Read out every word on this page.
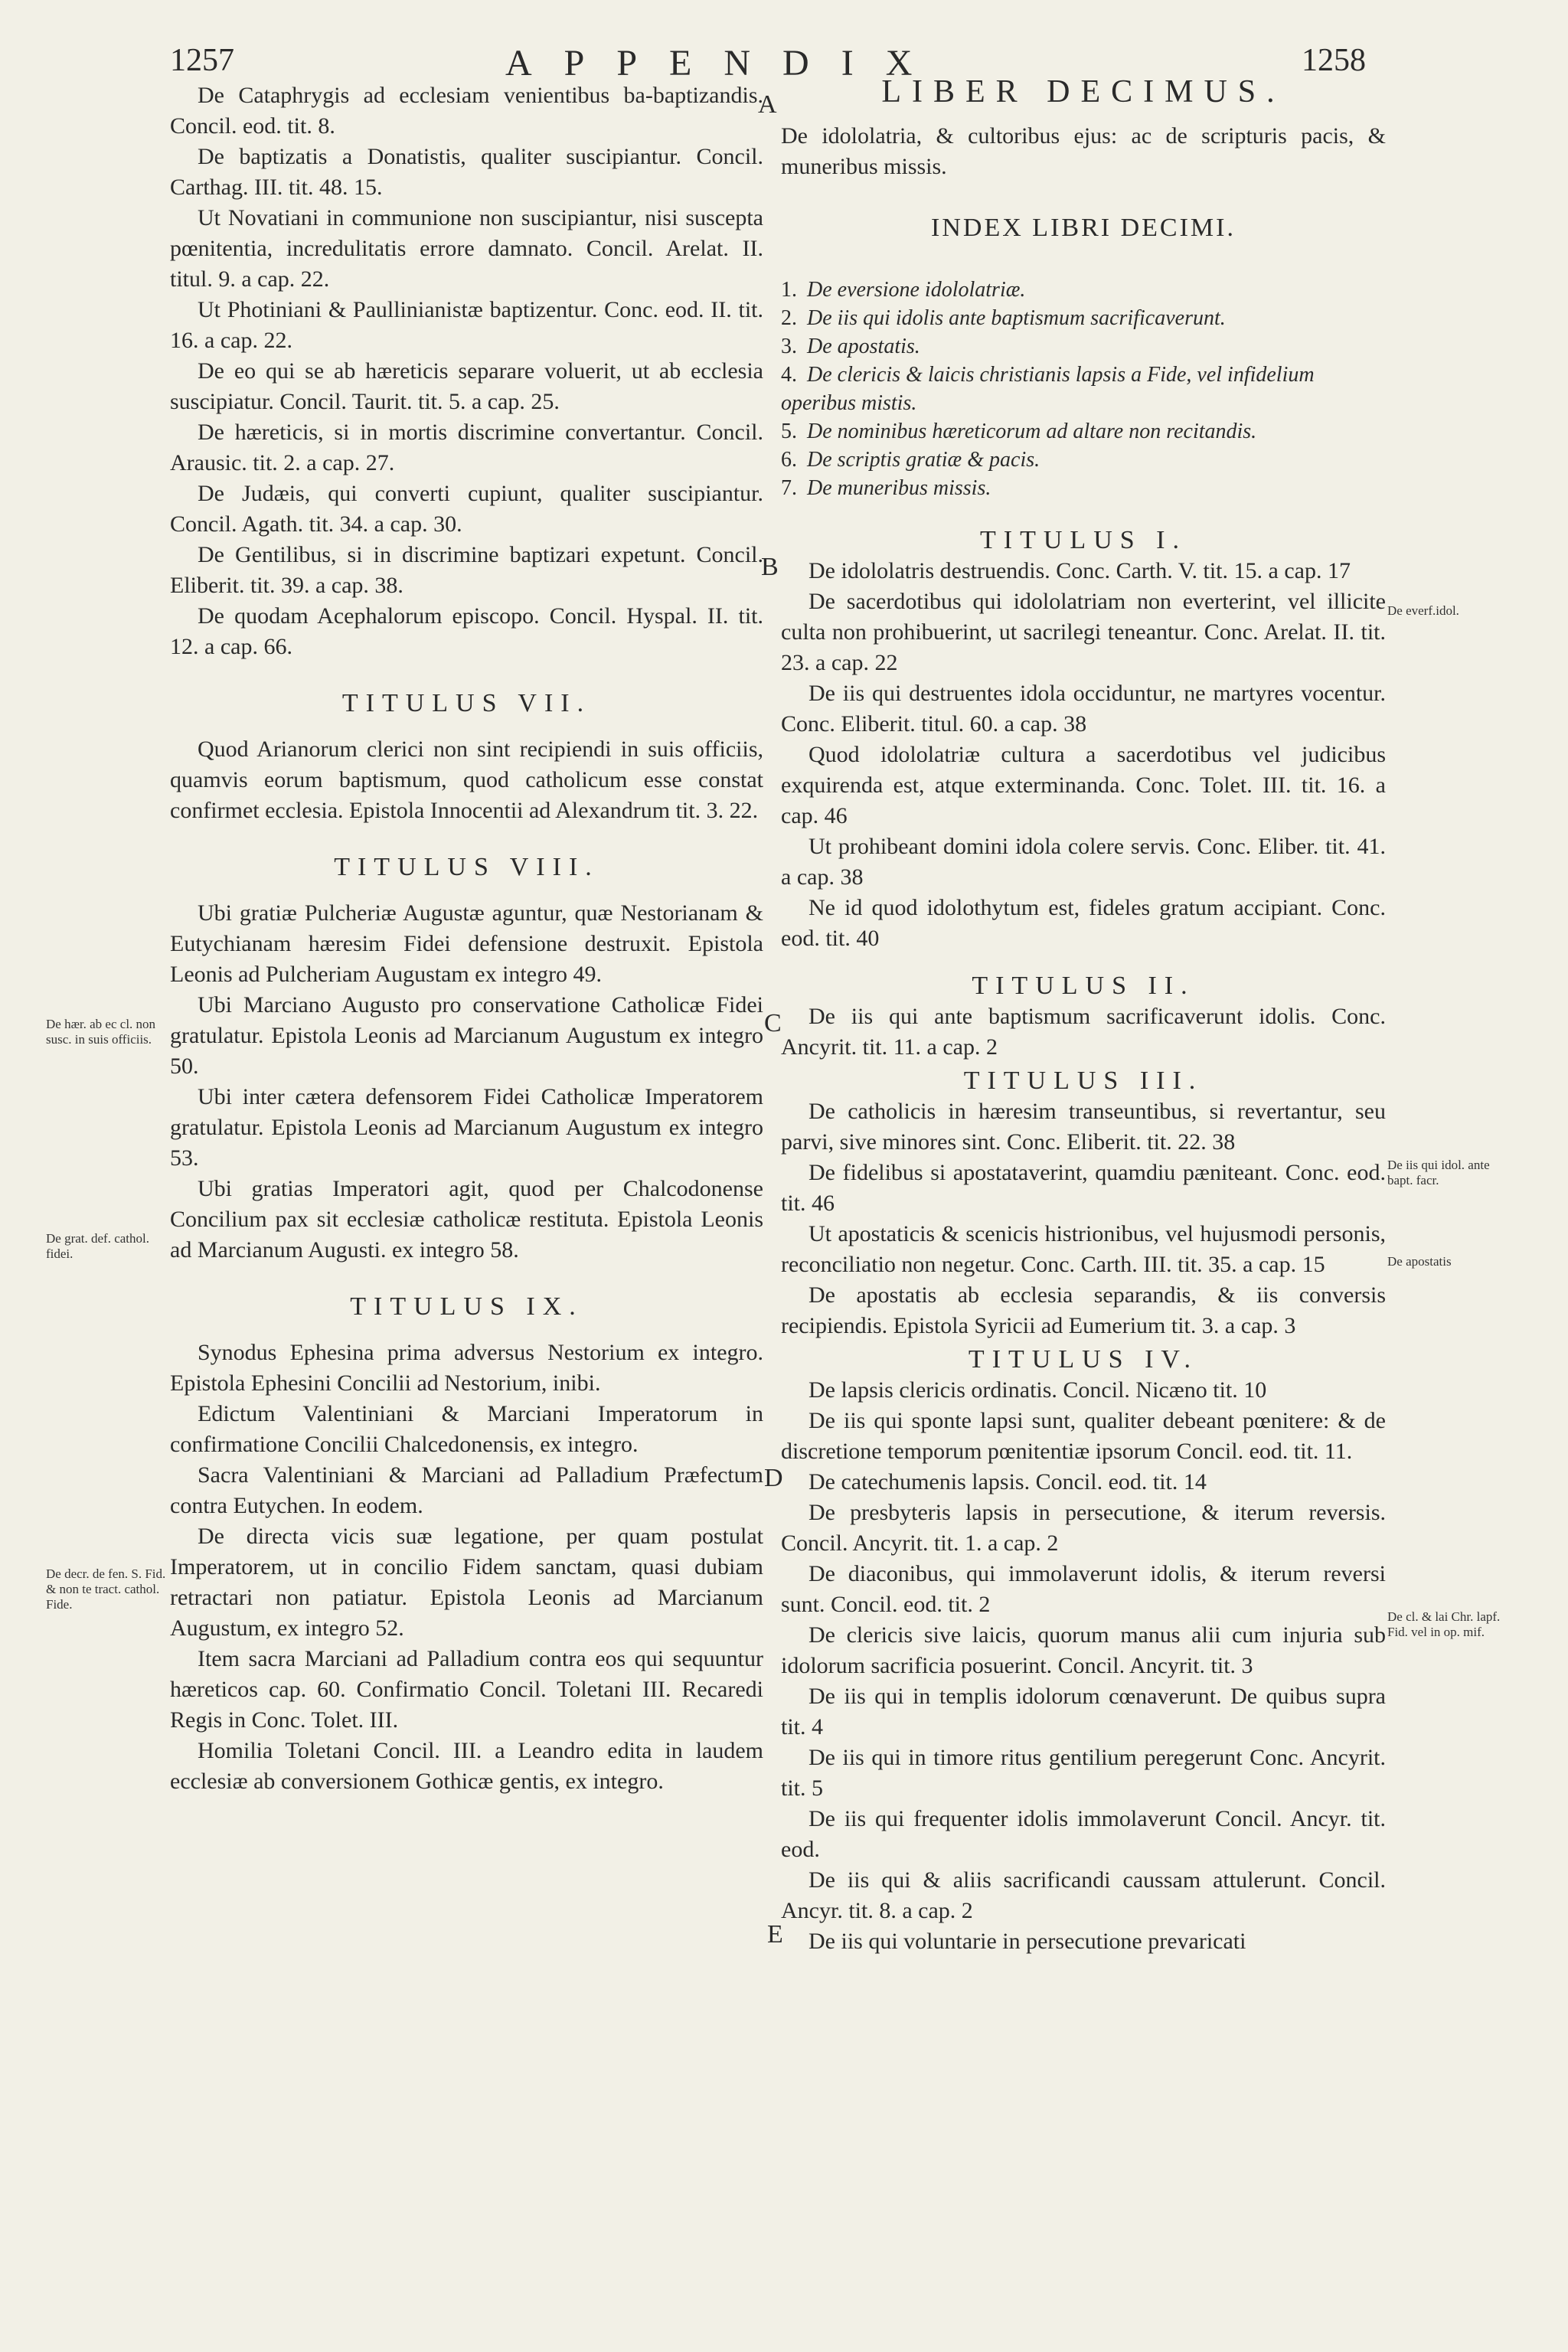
1257	APPENDIX	1258
A
B
C
D
E
De hær. ab ec cl. non susc. in suis officiis.
De grat. def. cathol. fidei.
De decr. de fen. S. Fid. & non te tract. cathol. Fide.
De everf.idol.
De iis qui idol. ante bapt. facr.
De apostatis
De cl. & lai Chr. lapf. Fid. vel in op. mif.

De Cataphrygis ad ecclesiam venientibus ba-baptizandis. Concil. eod. tit. 8.

De baptizatis a Donatistis, qualiter suscipiantur. Concil. Carthag. III. tit. 48. 15.

Ut Novatiani in communione non suscipiantur, nisi suscepta pœnitentia, incredulitatis errore damnato. Concil. Arelat. II. titul. 9. a cap. 22.

Ut Photiniani & Paullinianistæ baptizentur. Conc. eod. II. tit. 16. a cap. 22.

De eo qui se ab hæreticis separare voluerit, ut ab ecclesia suscipiatur. Concil. Taurit. tit. 5. a cap. 25.

De hæreticis, si in mortis discrimine convertantur. Concil. Arausic. tit. 2. a cap. 27.

De Judæis, qui converti cupiunt, qualiter suscipiantur. Concil. Agath. tit. 34. a cap. 30.

De Gentilibus, si in discrimine baptizari expetunt. Concil. Eliberit. tit. 39. a cap. 38.

De quodam Acephalorum episcopo. Concil. Hyspal. II. tit. 12. a cap. 66.

TITULUS VII.

Quod Arianorum clerici non sint recipiendi in suis officiis, quamvis eorum baptismum, quod catholicum esse constat confirmet ecclesia. Epistola Innocentii ad Alexandrum tit. 3. 22.

TITULUS VIII.

Ubi gratiæ Pulcheriæ Augustæ aguntur, quæ Nestorianam & Eutychianam hæresim Fidei defensione destruxit. Epistola Leonis ad Pulcheriam Augustam ex integro 49.

Ubi Marciano Augusto pro conservatione Catholicæ Fidei gratulatur. Epistola Leonis ad Marcianum Augustum ex integro 50.

Ubi inter cætera defensorem Fidei Catholicæ Imperatorem gratulatur. Epistola Leonis ad Marcianum Augustum ex integro 53.

Ubi gratias Imperatori agit, quod per Chalcodonense Concilium pax sit ecclesiæ catholicæ restituta. Epistola Leonis ad Marcianum Augusti. ex integro 58.

TITULUS IX.

Synodus Ephesina prima adversus Nestorium ex integro. Epistola Ephesini Concilii ad Nestorium, inibi.

Edictum Valentiniani & Marciani Imperatorum in confirmatione Concilii Chalcedonensis, ex integro.

Sacra Valentiniani & Marciani ad Palladium Præfectum contra Eutychen. In eodem.

De directa vicis suæ legatione, per quam postulat Imperatorem, ut in concilio Fidem sanctam, quasi dubiam retractari non patiatur. Epistola Leonis ad Marcianum Augustum, ex integro 52.

Item sacra Marciani ad Palladium contra eos qui sequuntur hæreticos cap. 60. Confirmatio Concil. Toletani III. Recaredi Regis in Conc. Tolet. III.

Homilia Toletani Concil. III. a Leandro edita in laudem ecclesiæ ab conversionem Gothicæ gentis, ex integro.

LIBER DECIMUS.

De idololatria, & cultoribus ejus: ac de scripturis pacis, & muneribus missis.

INDEX LIBRI DECIMI.

1. De eversione idololatriæ.

2. De iis qui idolis ante baptismum sacrificaverunt.

3. De apostatis.

4. De clericis & laicis christianis lapsis a Fide, vel infidelium operibus mistis.

5. De nominibus hæreticorum ad altare non recitandis.

6. De scriptis gratiæ & pacis.

7. De muneribus missis.

TITULUS I.

De idololatris destruendis. Conc. Carth. V. tit. 15. a cap. 17

De sacerdotibus qui idololatriam non everterint, vel illicite culta non prohibuerint, ut sacrilegi teneantur. Conc. Arelat. II. tit. 23. a cap. 22

De iis qui destruentes idola occiduntur, ne martyres vocentur. Conc. Eliberit. titul. 60. a cap. 38

Quod idololatriæ cultura a sacerdotibus vel judicibus exquirenda est, atque exterminanda. Conc. Tolet. III. tit. 16. a cap. 46

Ut prohibeant domini idola colere servis. Conc. Eliber. tit. 41. a cap. 38

Ne id quod idolothytum est, fideles gratum accipiant. Conc. eod. tit. 40

TITULUS II.

De iis qui ante baptismum sacrificaverunt idolis. Conc. Ancyrit. tit. 11. a cap. 2

TITULUS III.

De catholicis in hæresim transeuntibus, si revertantur, seu parvi, sive minores sint. Conc. Eliberit. tit. 22. 38

De fidelibus si apostataverint, quamdiu pæniteant. Conc. eod. tit. 46

Ut apostaticis & scenicis histrionibus, vel hujusmodi personis, reconciliatio non negetur. Conc. Carth. III. tit. 35. a cap. 15

De apostatis ab ecclesia separandis, & iis conversis recipiendis. Epistola Syricii ad Eumerium tit. 3. a cap. 3

TITULUS IV.

De lapsis clericis ordinatis. Concil. Nicæno tit. 10

De iis qui sponte lapsi sunt, qualiter debeant pœnitere: & de discretione temporum pœnitentiæ ipsorum Concil. eod. tit. 11.

De catechumenis lapsis. Concil. eod. tit. 14

De presbyteris lapsis in persecutione, & iterum reversis. Concil. Ancyrit. tit. 1. a cap. 2

De diaconibus, qui immolaverunt idolis, & iterum reversi sunt. Concil. eod. tit. 2

De clericis sive laicis, quorum manus alii cum injuria sub idolorum sacrificia posuerint. Concil. Ancyrit. tit. 3

De iis qui in templis idolorum cœnaverunt. De quibus supra tit. 4

De iis qui in timore ritus gentilium peregerunt Conc. Ancyrit. tit. 5

De iis qui frequenter idolis immolaverunt Concil. Ancyr. tit. eod.

De iis qui & aliis sacrificandi caussam attulerunt. Concil. Ancyr. tit. 8. a cap. 2

De iis qui voluntarie in persecutione prevaricati
